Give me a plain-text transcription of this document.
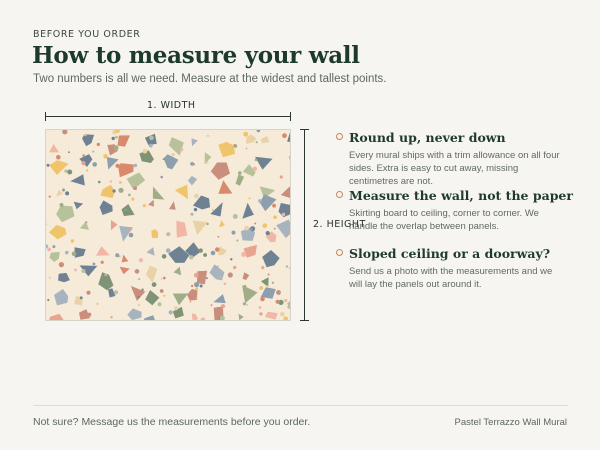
BEFORE YOU ORDER
How to measure your wall
Two numbers is all we need. Measure at the widest and tallest points.
1. WIDTH
2. HEIGHT
Round up, never down
Every mural ships with a trim allowance on all four sides. Extra is easy to cut away, missing centimetres are not.
Measure the wall, not the paper
Skirting board to ceiling, corner to corner. We handle the overlap between panels.
Sloped ceiling or a doorway?
Send us a photo with the measurements and we will lay the panels out around it.
Not sure? Message us the measurements before you order.	Pastel Terrazzo Wall Mural
